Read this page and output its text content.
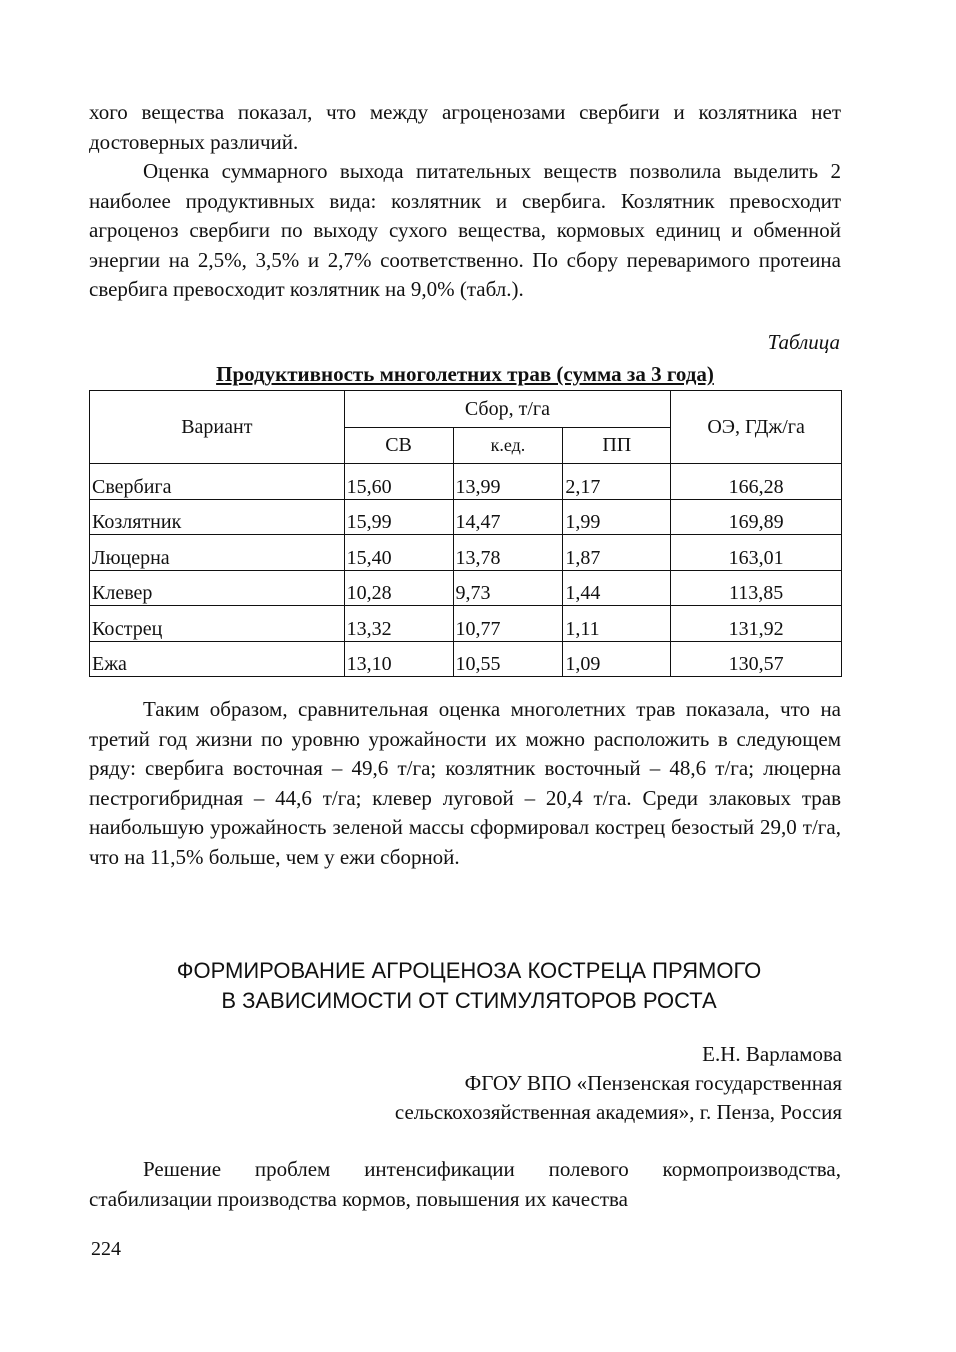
хого вещества показал, что между агроценозами свербиги и козлятника нет достоверных различий.

Оценка суммарного выхода питательных веществ позволила выделить 2 наиболее продуктивных вида: козлятник и свербига. Козлятник превосходит агроценоз свербиги по выходу сухого вещества, кормовых единиц и обменной энергии на 2,5%, 3,5% и 2,7% соответственно. По сбору переваримого протеина свербига превосходит козлятник на 9,0% (табл.).

Таблица
Продуктивность многолетних трав (сумма за 3 года)
Вариант	Сбор, т/га			ОЭ, ГДж/га
	СВ	к.ед.	ПП	
Свербига	15,60	13,99	2,17	166,28
Козлятник	15,99	14,47	1,99	169,89
Люцерна	15,40	13,78	1,87	163,01
Клевер	10,28	9,73	1,44	113,85
Кострец	13,32	10,77	1,11	131,92
Ежа	13,10	10,55	1,09	130,57

Таким образом, сравнительная оценка многолетних трав показала, что на третий год жизни по уровню урожайности их можно расположить в следующем ряду: свербига восточная – 49,6 т/га; козлятник восточный – 48,6 т/га; люцерна пестрогибридная – 44,6 т/га; клевер луговой – 20,4 т/га. Среди злаковых трав наибольшую урожайность зеленой массы сформировал кострец безостый 29,0 т/га, что на 11,5% больше, чем у ежи сборной.

ФОРМИРОВАНИЕ АГРОЦЕНОЗА КОСТРЕЦА ПРЯМОГО
В ЗАВИСИМОСТИ ОТ СТИМУЛЯТОРОВ РОСТА
Е.Н. Варламова
ФГОУ ВПО «Пензенская государственная
сельскохозяйственная академия», г. Пенза, Россия

Решение проблем интенсификации полевого кормопроизводства, стабилизации производства кормов, повышения их качества

224
